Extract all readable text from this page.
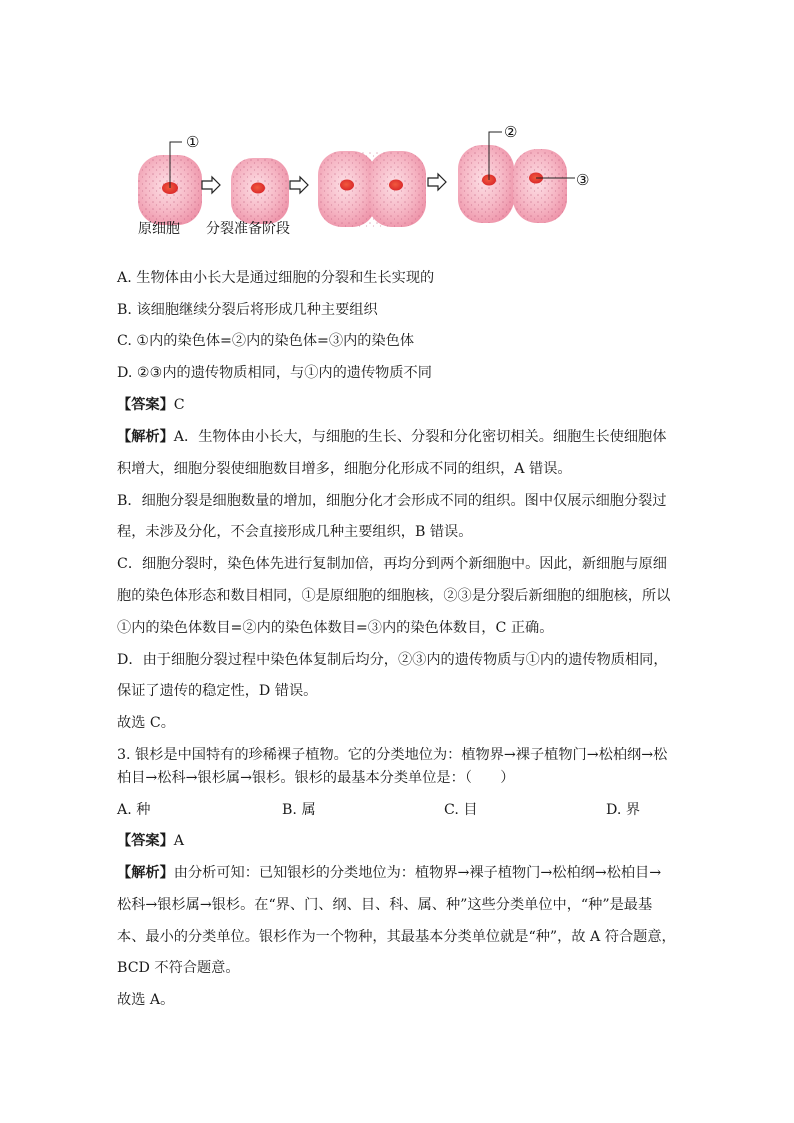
①
②
③
原细胞 分裂准备阶段
A. 生物体由小长大是通过细胞的分裂和生长实现的
B. 该细胞继续分裂后将形成几种主要组织
C. ①内的染色体=②内的染色体=③内的染色体
D. ②③内的遗传物质相同，与①内的遗传物质不同
【答案】C
【解析】A．生物体由小长大，与细胞的生长、分裂和分化密切相关。细胞生长使细胞体
积增大，细胞分裂使细胞数目增多，细胞分化形成不同的组织，A 错误。
B．细胞分裂是细胞数量的增加，细胞分化才会形成不同的组织。图中仅展示细胞分裂过
程，未涉及分化，不会直接形成几种主要组织，B 错误。
C．细胞分裂时，染色体先进行复制加倍，再均分到两个新细胞中。因此，新细胞与原细
胞的染色体形态和数目相同，①是原细胞的细胞核，②③是分裂后新细胞的细胞核，所以
①内的染色体数目=②内的染色体数目=③内的染色体数目，C 正确。
D．由于细胞分裂过程中染色体复制后均分，②③内的遗传物质与①内的遗传物质相同，
保证了遗传的稳定性，D 错误。
故选 C。
3. 银杉是中国特有的珍稀裸子植物。它的分类地位为：植物界→裸子植物门→松柏纲→松
柏目→松科→银杉属→银杉。银杉的最基本分类单位是：（　　）
A. 种	B. 属	C. 目	D. 界
【答案】A
【解析】由分析可知：已知银杉的分类地位为：植物界→裸子植物门→松柏纲→松柏目→
松科→银杉属→银杉。在“界、门、纲、目、科、属、种”这些分类单位中，“种”是最基
本、最小的分类单位。银杉作为一个物种，其最基本分类单位就是“种”，故 A 符合题意，
BCD 不符合题意。
故选 A。
